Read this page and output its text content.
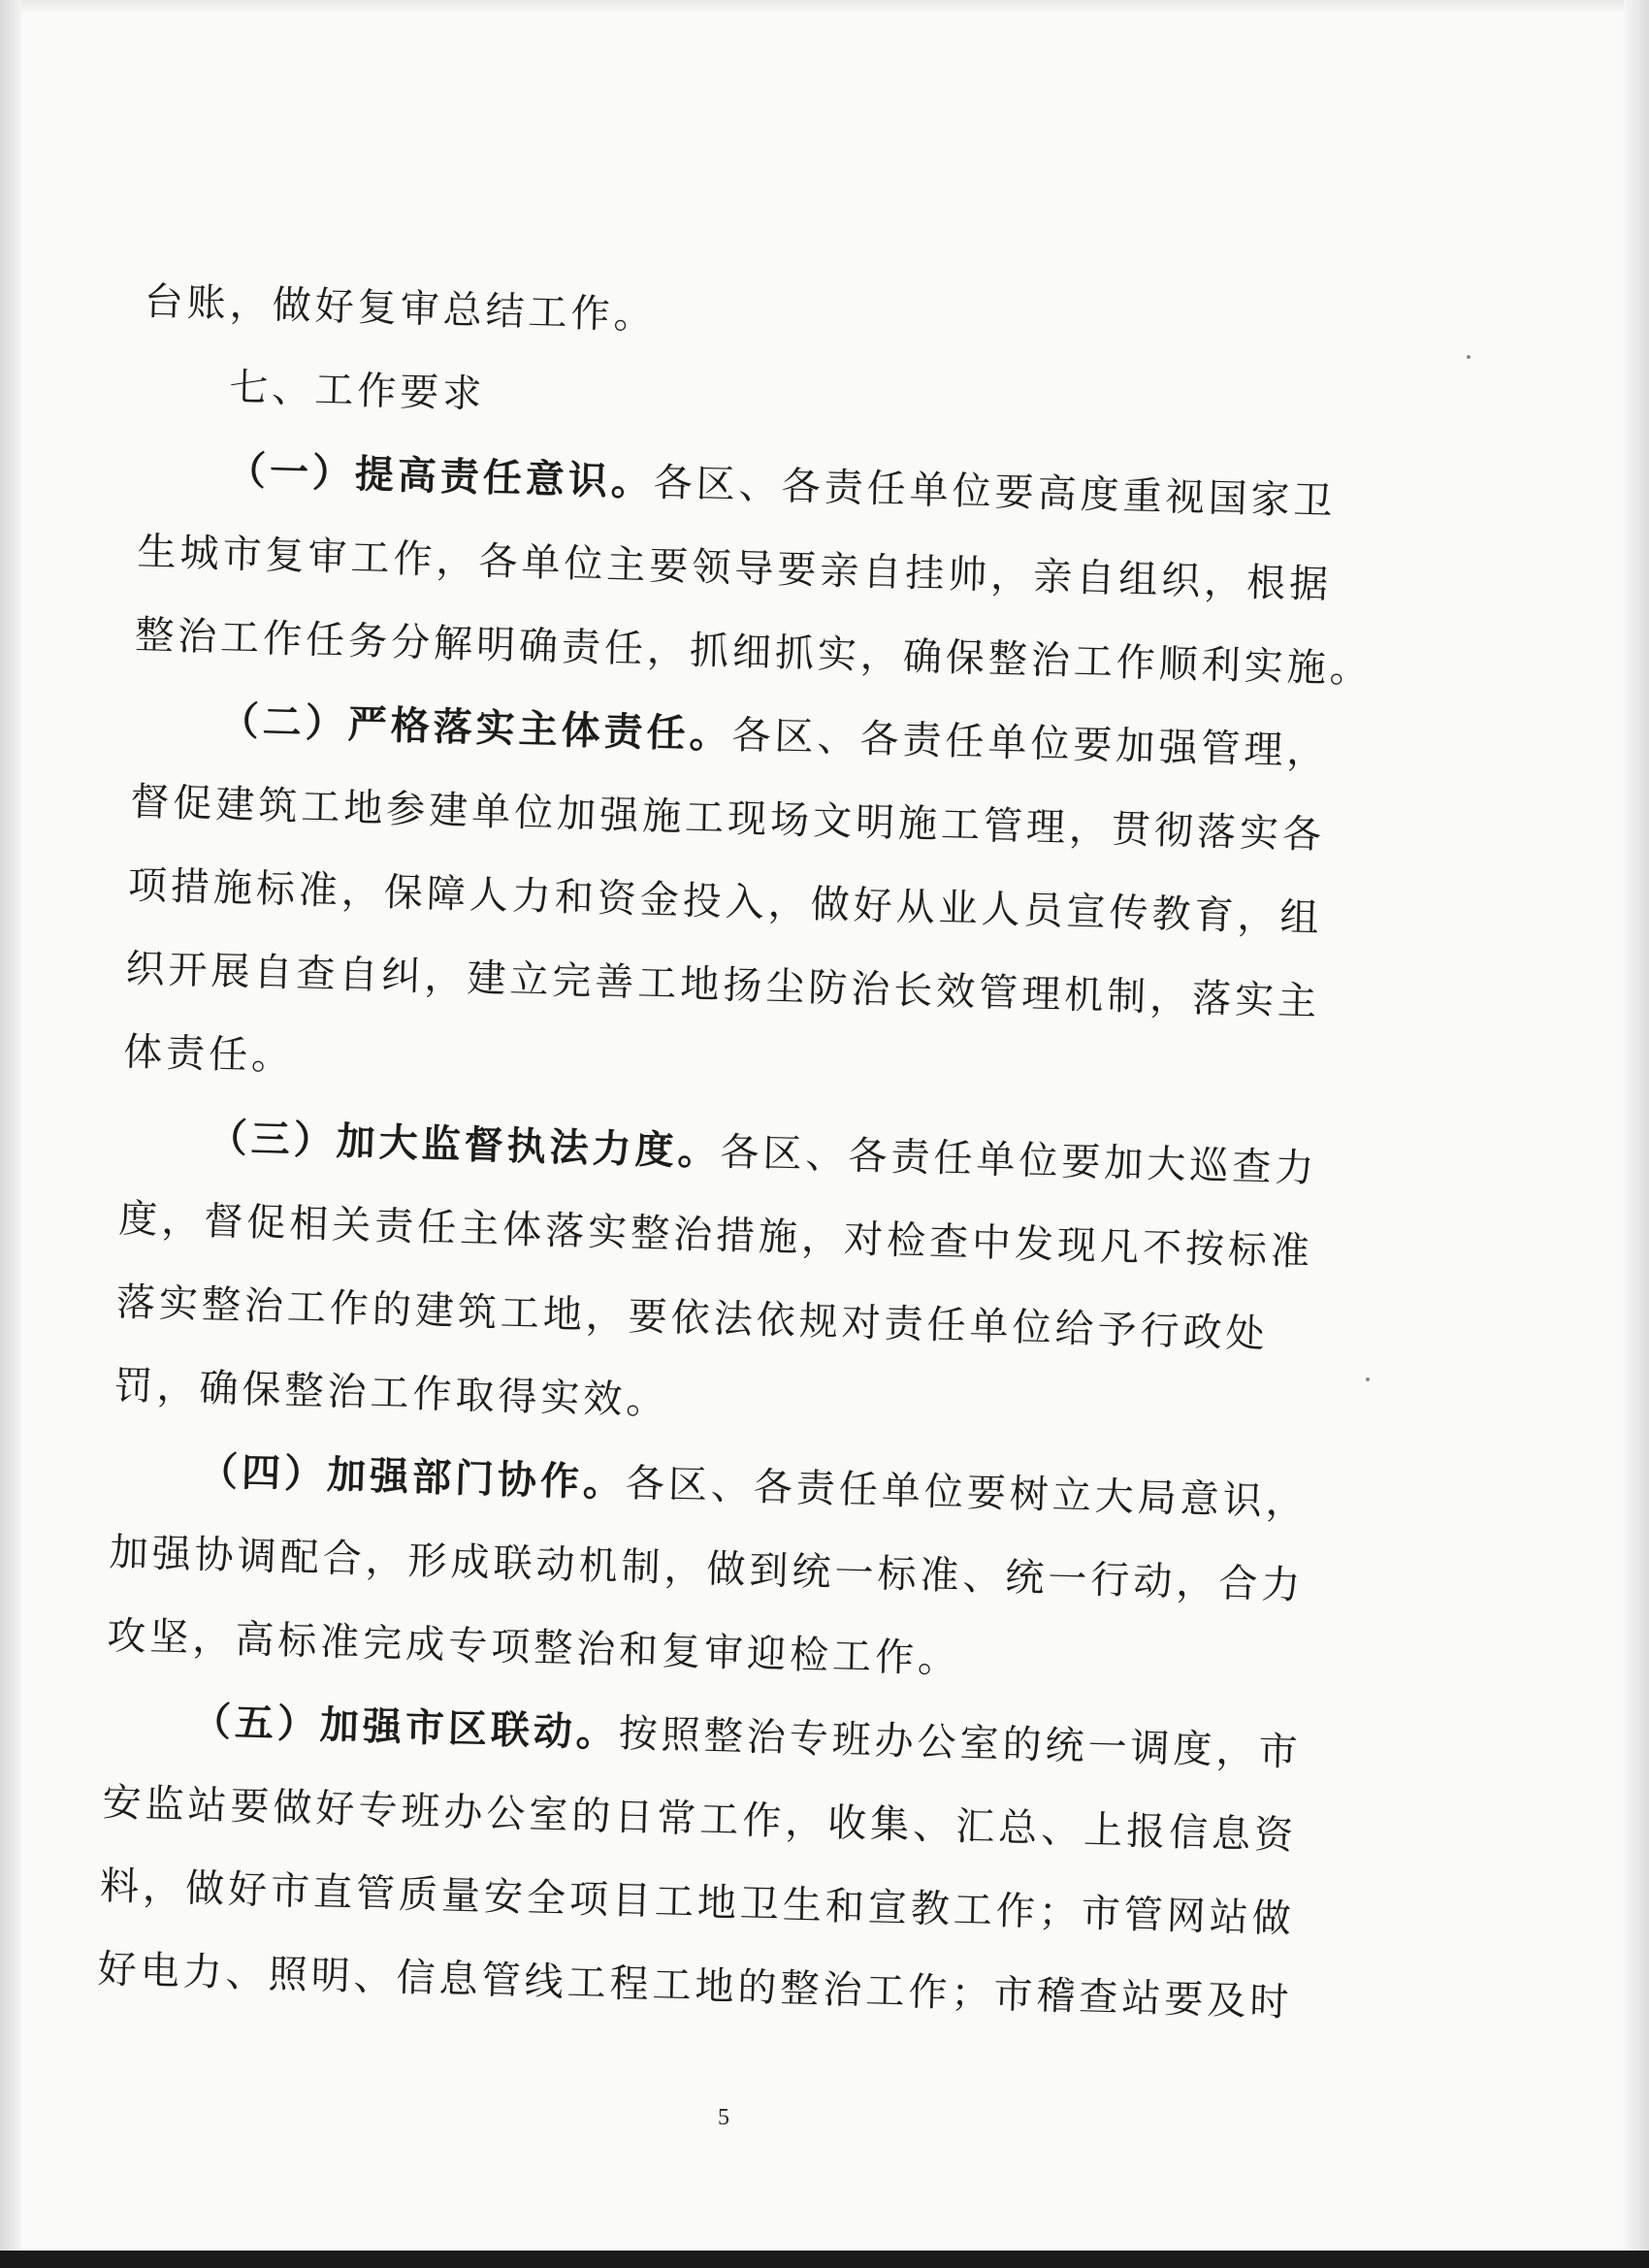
台账，做好复审总结工作。

七、工作要求

（一）提高责任意识。各区、各责任单位要高度重视国家卫

生城市复审工作，各单位主要领导要亲自挂帅，亲自组织，根据

整治工作任务分解明确责任，抓细抓实，确保整治工作顺利实施。

（二）严格落实主体责任。各区、各责任单位要加强管理，

督促建筑工地参建单位加强施工现场文明施工管理，贯彻落实各

项措施标准，保障人力和资金投入，做好从业人员宣传教育，组

织开展自查自纠，建立完善工地扬尘防治长效管理机制，落实主

体责任。

（三）加大监督执法力度。各区、各责任单位要加大巡查力

度，督促相关责任主体落实整治措施，对检查中发现凡不按标准

落实整治工作的建筑工地，要依法依规对责任单位给予行政处

罚，确保整治工作取得实效。

（四）加强部门协作。各区、各责任单位要树立大局意识，

加强协调配合，形成联动机制，做到统一标准、统一行动，合力

攻坚，高标准完成专项整治和复审迎检工作。

（五）加强市区联动。按照整治专班办公室的统一调度，市

安监站要做好专班办公室的日常工作，收集、汇总、上报信息资

料，做好市直管质量安全项目工地卫生和宣教工作；市管网站做

好电力、照明、信息管线工程工地的整治工作；市稽查站要及时

5
